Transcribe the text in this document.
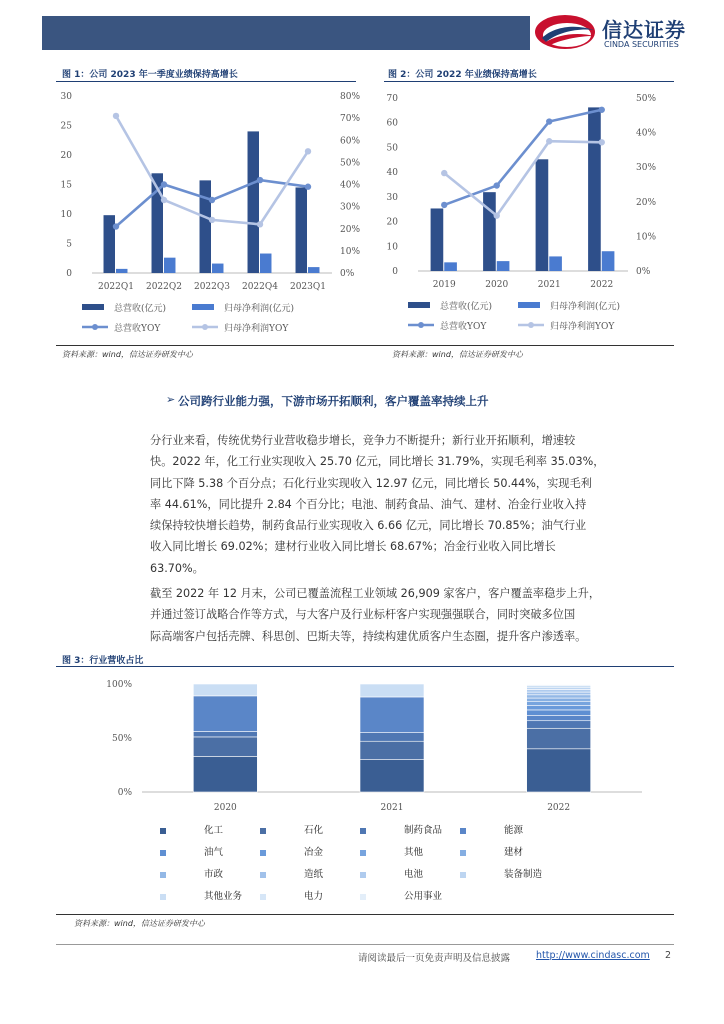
信达证券
CINDA SECURITIES
图 1：公司 2023 年一季度业绩保持高增长	图 2：公司 2022 年业绩保持高增长
0
5
10
15
20
25
30
0%
10%
20%
30%
40%
50%
60%
70%
80%
2022Q1 2022Q2 2022Q3 2022Q4 2023Q1
总营收(亿元)	归母净利润(亿元)
总营收YOY	归母净利润YOY
0
10
20
30
40
50
60
70
0%
10%
20%
30%
40%
50%
2019	2020	2021	2022
总营收(亿元)	归母净利润(亿元)
总营收YOY	归母净利润YOY
资料来源：wind，信达证券研发中心	资料来源：wind，信达证券研发中心
➢ 公司跨行业能力强，下游市场开拓顺利，客户覆盖率持续上升
分行业来看，传统优势行业营收稳步增长，竞争力不断提升；新行业开拓顺利，增速较
快。2022 年，化工行业实现收入 25.70 亿元，同比增长 31.79%，实现毛利率 35.03%，
同比下降 5.38 个百分点；石化行业实现收入 12.97 亿元，同比增长 50.44%，实现毛利
率 44.61%，同比提升 2.84 个百分比；电池、制药食品、油气、建材、冶金行业收入持
续保持较快增长趋势，制药食品行业实现收入 6.66 亿元，同比增长 70.85%；油气行业
收入同比增长 69.02%；建材行业收入同比增长 68.67%；冶金行业收入同比增长
63.70%。
截至 2022 年 12 月末，公司已覆盖流程工业领域 26,909 家客户，客户覆盖率稳步上升，
并通过签订战略合作等方式，与大客户及行业标杆客户实现强强联合，同时突破多位国
际高端客户包括壳牌、科思创、巴斯夫等，持续构建优质客户生态圈，提升客户渗透率。
图 3：行业营收占比
0%
50%
100%
2020	2021	2022
化工	石化	制药食品	能源
油气	冶金	其他	建材
市政	造纸	电池	装备制造
其他业务	电力	公用事业
资料来源：wind，信达证券研发中心
请阅读最后一页免责声明及信息披露	http://www.cindasc.com 2
